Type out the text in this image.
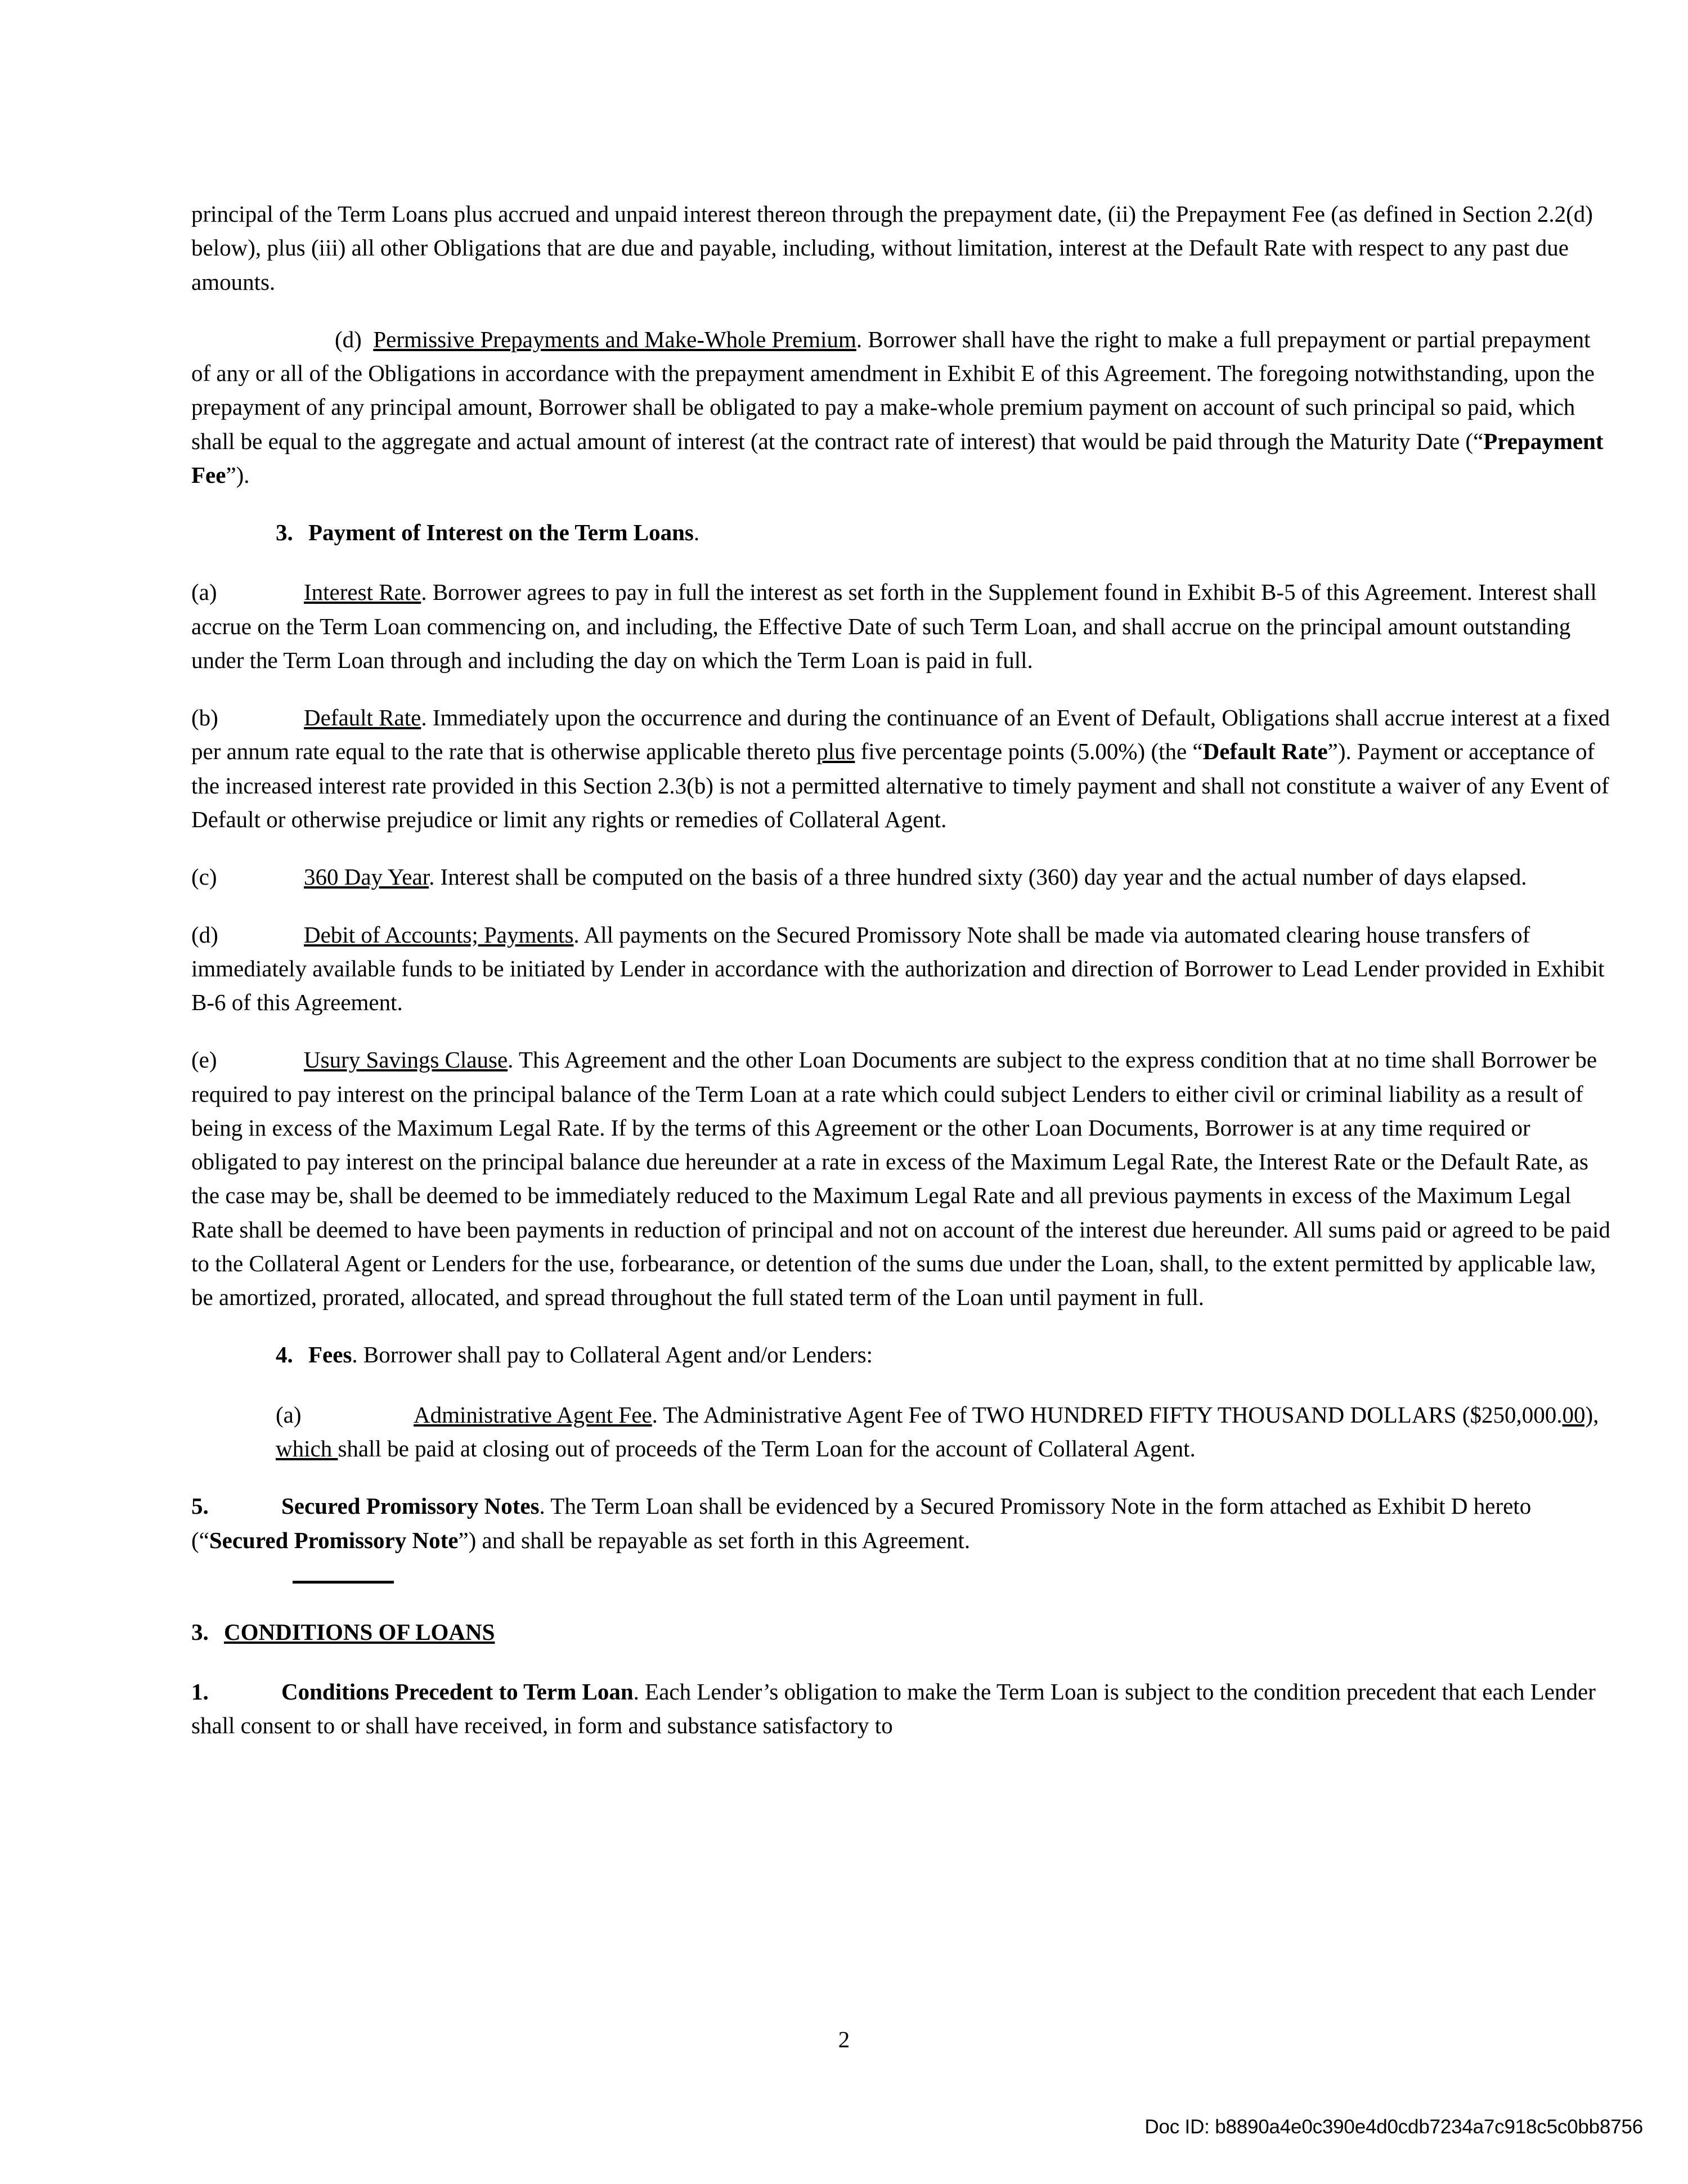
principal of the Term Loans plus accrued and unpaid interest thereon through the prepayment date, (ii) the Prepayment Fee (as defined in Section 2.2(d) below), plus (iii) all other Obligations that are due and payable, including, without limitation, interest at the Default Rate with respect to any past due amounts.

(d) Permissive Prepayments and Make-Whole Premium. Borrower shall have the right to make a full prepayment or partial prepayment of any or all of the Obligations in accordance with the prepayment amendment in Exhibit E of this Agreement. The foregoing notwithstanding, upon the prepayment of any principal amount, Borrower shall be obligated to pay a make-whole premium payment on account of such principal so paid, which shall be equal to the aggregate and actual amount of interest (at the contract rate of interest) that would be paid through the Maturity Date (“Prepayment Fee”).

3. Payment of Interest on the Term Loans.

(a)	Interest Rate. Borrower agrees to pay in full the interest as set forth in the Supplement found in Exhibit B-5 of this Agreement. Interest shall accrue on the Term Loan commencing on, and including, the Effective Date of such Term Loan, and shall accrue on the principal amount outstanding under the Term Loan through and including the day on which the Term Loan is paid in full.

(b)	Default Rate. Immediately upon the occurrence and during the continuance of an Event of Default, Obligations shall accrue interest at a fixed per annum rate equal to the rate that is otherwise applicable thereto plus five percentage points (5.00%) (the “Default Rate”). Payment or acceptance of the increased interest rate provided in this Section 2.3(b) is not a permitted alternative to timely payment and shall not constitute a waiver of any Event of Default or otherwise prejudice or limit any rights or remedies of Collateral Agent.

(c)	360 Day Year. Interest shall be computed on the basis of a three hundred sixty (360) day year and the actual number of days elapsed.

(d)	Debit of Accounts; Payments. All payments on the Secured Promissory Note shall be made via automated clearing house transfers of immediately available funds to be initiated by Lender in accordance with the authorization and direction of Borrower to Lead Lender provided in Exhibit B-6 of this Agreement.

(e)	Usury Savings Clause. This Agreement and the other Loan Documents are subject to the express condition that at no time shall Borrower be required to pay interest on the principal balance of the Term Loan at a rate which could subject Lenders to either civil or criminal liability as a result of being in excess of the Maximum Legal Rate. If by the terms of this Agreement or the other Loan Documents, Borrower is at any time required or obligated to pay interest on the principal balance due hereunder at a rate in excess of the Maximum Legal Rate, the Interest Rate or the Default Rate, as the case may be, shall be deemed to be immediately reduced to the Maximum Legal Rate and all previous payments in excess of the Maximum Legal Rate shall be deemed to have been payments in reduction of principal and not on account of the interest due hereunder. All sums paid or agreed to be paid to the Collateral Agent or Lenders for the use, forbearance, or detention of the sums due under the Loan, shall, to the extent permitted by applicable law, be amortized, prorated, allocated, and spread throughout the full stated term of the Loan until payment in full.

4. Fees. Borrower shall pay to Collateral Agent and/or Lenders:

(a)	Administrative Agent Fee. The Administrative Agent Fee of TWO HUNDRED FIFTY THOUSAND DOLLARS ($250,000.00), which shall be paid at closing out of proceeds of the Term Loan for the account of Collateral Agent.

5.	Secured Promissory Notes. The Term Loan shall be evidenced by a Secured Promissory Note in the form attached as Exhibit D hereto (“Secured Promissory Note”) and shall be repayable as set forth in this Agreement.

3. CONDITIONS OF LOANS

1.	Conditions Precedent to Term Loan. Each Lender’s obligation to make the Term Loan is subject to the condition precedent that each Lender shall consent to or shall have received, in form and substance satisfactory to

2
Doc ID: b8890a4e0c390e4d0cdb7234a7c918c5c0bb8756
